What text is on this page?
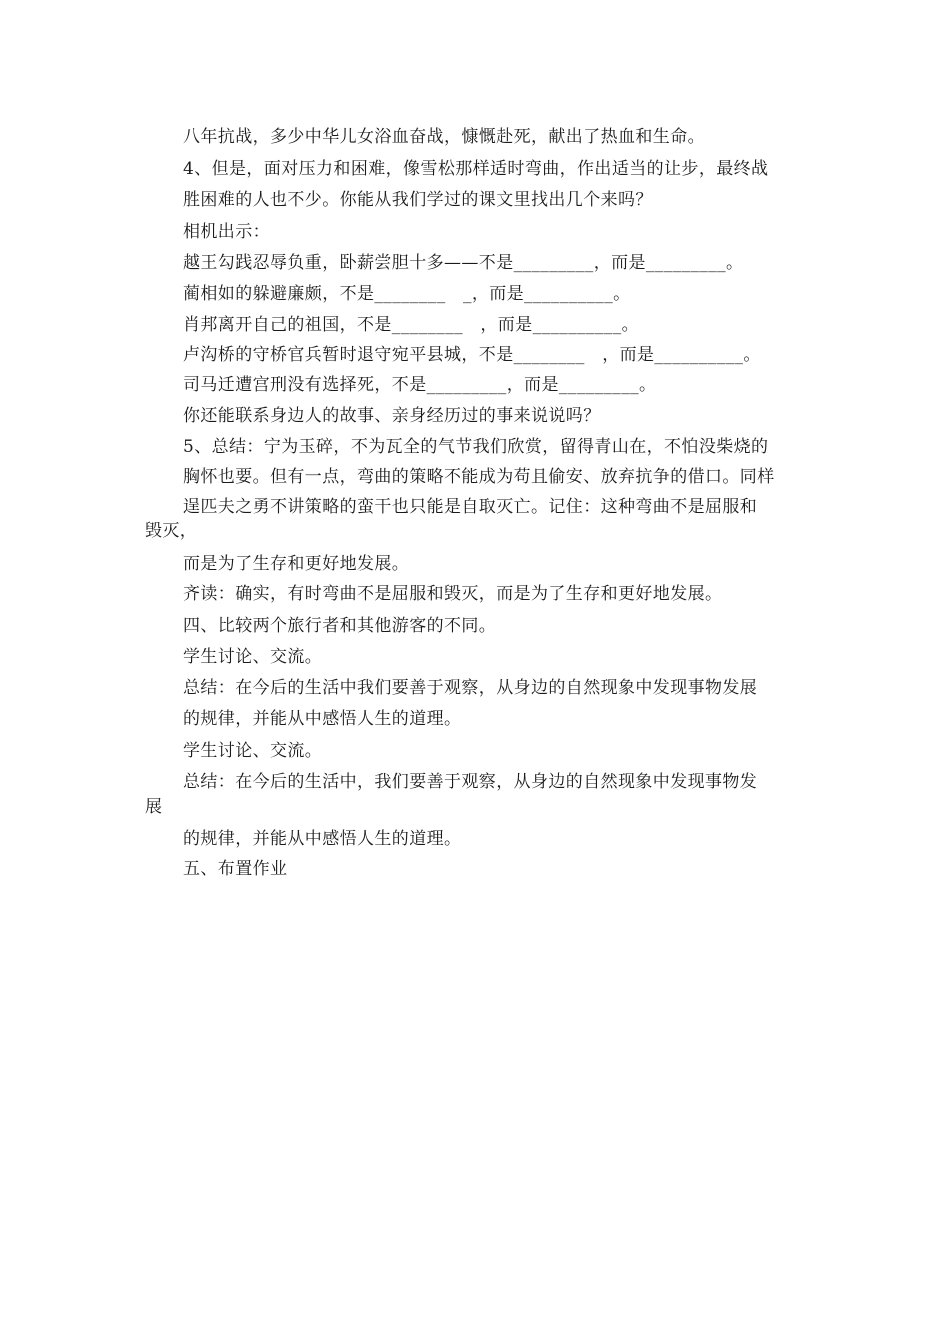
八年抗战，多少中华儿女浴血奋战，慷慨赴死，献出了热血和生命。
4、但是，面对压力和困难，像雪松那样适时弯曲，作出适当的让步，最终战
胜困难的人也不少。你能从我们学过的课文里找出几个来吗？
相机出示：
越王勾践忍辱负重，卧薪尝胆十多——不是_________，而是_________。
蔺相如的躲避廉颇，不是________　_，而是__________。
肖邦离开自己的祖国，不是________　，而是__________。
卢沟桥的守桥官兵暂时退守宛平县城，不是________　，而是__________。
司马迁遭宫刑没有选择死，不是_________，而是_________。
你还能联系身边人的故事、亲身经历过的事来说说吗？
5、总结：宁为玉碎，不为瓦全的气节我们欣赏，留得青山在，不怕没柴烧的
胸怀也要。但有一点，弯曲的策略不能成为苟且偷安、放弃抗争的借口。同样
逞匹夫之勇不讲策略的蛮干也只能是自取灭亡。记住：这种弯曲不是屈服和
毁灭，
而是为了生存和更好地发展。
齐读：确实，有时弯曲不是屈服和毁灭，而是为了生存和更好地发展。
四、比较两个旅行者和其他游客的不同。
学生讨论、交流。
总结：在今后的生活中我们要善于观察，从身边的自然现象中发现事物发展
的规律，并能从中感悟人生的道理。
学生讨论、交流。
总结：在今后的生活中，我们要善于观察，从身边的自然现象中发现事物发
展
的规律，并能从中感悟人生的道理。
五、布置作业
